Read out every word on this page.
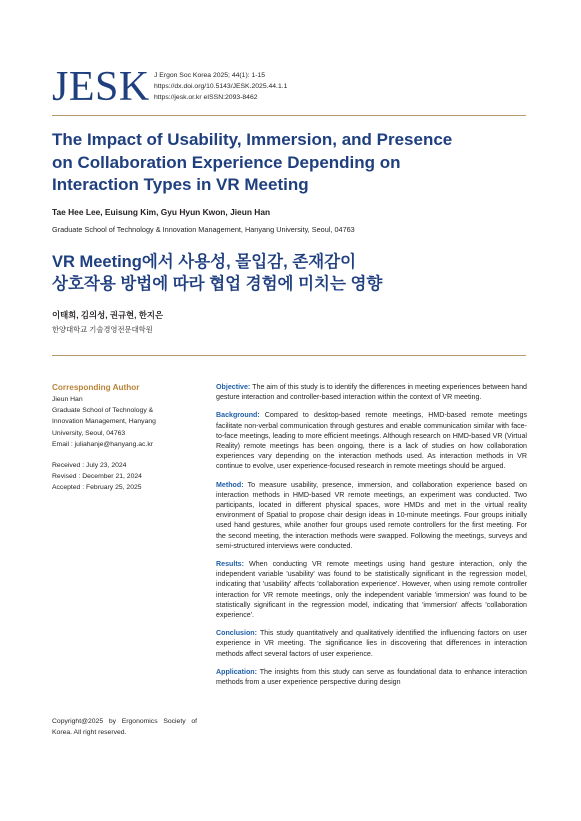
JESK J Ergon Soc Korea 2025; 44(1): 1-15
https://dx.doi.org/10.5143/JESK.2025.44.1.1
https://jesk.or.kr eISSN:2093-8462
The Impact of Usability, Immersion, and Presence
on Collaboration Experience Depending on
Interaction Types in VR Meeting
Tae Hee Lee, Euisung Kim, Gyu Hyun Kwon, Jieun Han
Graduate School of Technology & Innovation Management, Hanyang University, Seoul, 04763
VR Meeting에서 사용성, 몰입감, 존재감이
상호작용 방법에 따라 협업 경험에 미치는 영향
이태희, 김의성, 권규현, 한지은
한양대학교 기술경영전문대학원
Corresponding Author
Jieun Han
Graduate School of Technology &
Innovation Management, Hanyang
University, Seoul, 04763
Email : juliahanje@hanyang.ac.kr
Received : July 23, 2024
Revised : December 21, 2024
Accepted : February 25, 2025
Copyright@2025 by Ergonomics Society of Korea. All right reserved.

Objective: The aim of this study is to identify the differences in meeting experiences between hand gesture interaction and controller-based interaction within the context of VR meeting.

Background: Compared to desktop-based remote meetings, HMD-based remote meetings facilitate non-verbal communication through gestures and enable communication similar with face-to-face meetings, leading to more efficient meetings. Although research on HMD-based VR (Virtual Reality) remote meetings has been ongoing, there is a lack of studies on how collaboration experiences vary depending on the interaction methods used. As interaction methods in VR continue to evolve, user experience-focused research in remote meetings should be argued.

Method: To measure usability, presence, immersion, and collaboration experience based on interaction methods in HMD-based VR remote meetings, an experiment was conducted. Two participants, located in different physical spaces, wore HMDs and met in the virtual reality environment of Spatial to propose chair design ideas in 10-minute meetings. Four groups initially used hand gestures, while another four groups used remote controllers for the first meeting. For the second meeting, the interaction methods were swapped. Following the meetings, surveys and semi-structured interviews were conducted.

Results: When conducting VR remote meetings using hand gesture interaction, only the independent variable 'usability' was found to be statistically significant in the regression model, indicating that 'usability' affects 'collaboration experience'. However, when using remote controller interaction for VR remote meetings, only the independent variable 'immersion' was found to be statistically significant in the regression model, indicating that 'immersion' affects 'collaboration experience'.

Conclusion: This study quantitatively and qualitatively identified the influencing factors on user experience in VR meeting. The significance lies in discovering that differences in interaction methods affect several factors of user experience.

Application: The insights from this study can serve as foundational data to enhance interaction methods from a user experience perspective during design
